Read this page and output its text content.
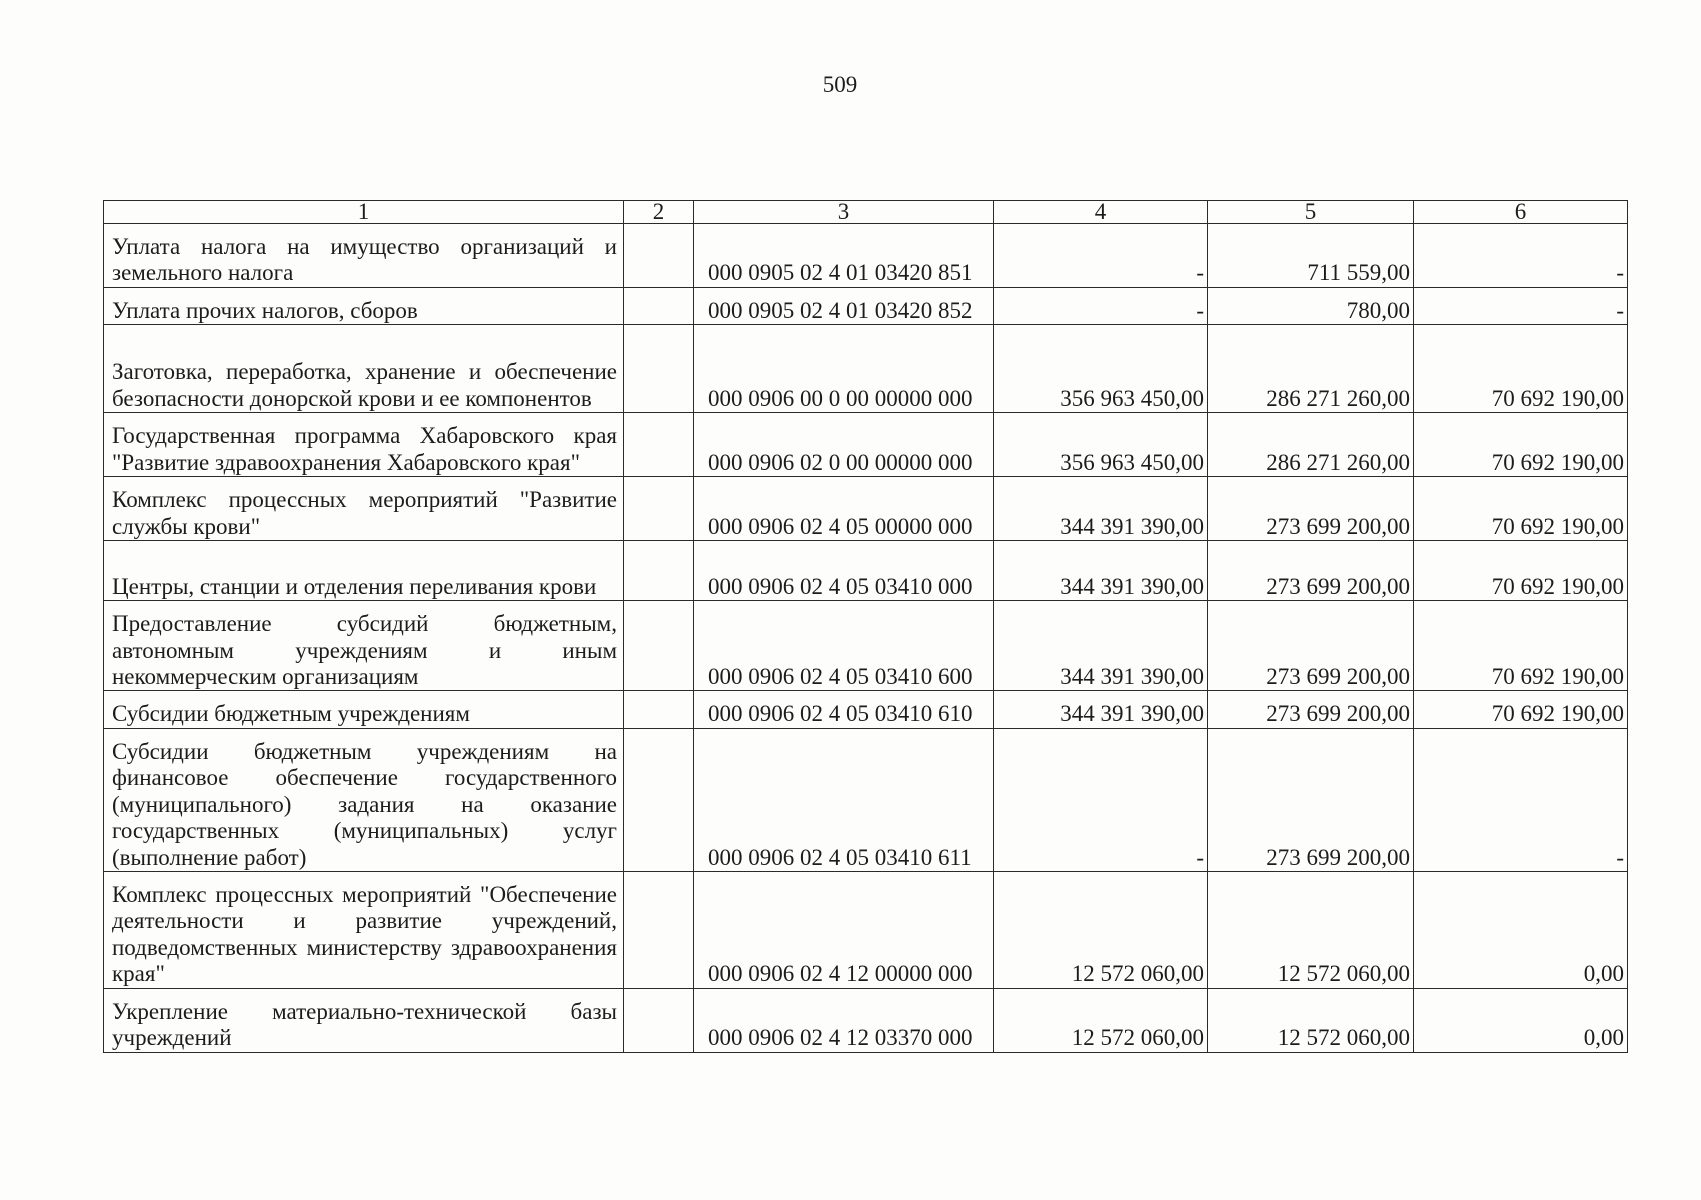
509
1	2	3	4	5	6
Уплата налога на имущество организаций и земельного налога		000 0905 02 4 01 03420 851	-	711 559,00	-
Уплата прочих налогов, сборов		000 0905 02 4 01 03420 852	-	780,00	-
Заготовка, переработка, хранение и обеспечение безопасности донорской крови и ее компонентов		000 0906 00 0 00 00000 000	356 963 450,00	286 271 260,00	70 692 190,00
Государственная программа Хабаровского края "Развитие здравоохранения Хабаровского края"		000 0906 02 0 00 00000 000	356 963 450,00	286 271 260,00	70 692 190,00
Комплекс процессных мероприятий "Развитие службы крови"		000 0906 02 4 05 00000 000	344 391 390,00	273 699 200,00	70 692 190,00
Центры, станции и отделения переливания крови		000 0906 02 4 05 03410 000	344 391 390,00	273 699 200,00	70 692 190,00
Предоставление субсидий бюджетным, автономным учреждениям и иным некоммерческим организациям		000 0906 02 4 05 03410 600	344 391 390,00	273 699 200,00	70 692 190,00
Субсидии бюджетным учреждениям		000 0906 02 4 05 03410 610	344 391 390,00	273 699 200,00	70 692 190,00
Субсидии бюджетным учреждениям на финансовое обеспечение государственного (муниципального) задания на оказание государственных (муниципальных) услуг (выполнение работ)		000 0906 02 4 05 03410 611	-	273 699 200,00	-
Комплекс процессных мероприятий "Обеспечение деятельности и развитие учреждений, подведомственных министерству здравоохранения края"		000 0906 02 4 12 00000 000	12 572 060,00	12 572 060,00	0,00
Укрепление материально-технической базы учреждений		000 0906 02 4 12 03370 000	12 572 060,00	12 572 060,00	0,00
